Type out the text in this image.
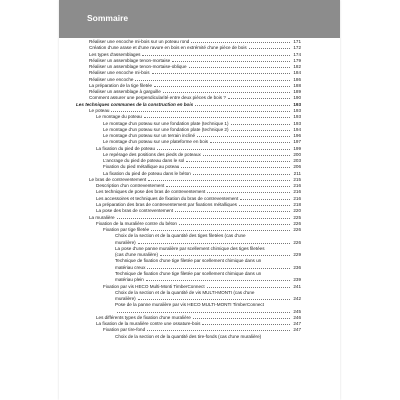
Sommaire
Réaliser une encoche mi-bois sur un poteau rond	171
Création d'une arase et d'une ravure en bois en extrémité d'une pièce de bois	172
Les types d'assemblages	174
Réaliser un assemblage tenon-mortaise	179
Réaliser un assemblage tenon-mortaise-oblique	182
Réaliser une encoche mi-bois	184
Réaliser une encoche	186
La préparation de la tige filetée	188
Réaliser un assemblage à garguille	189
Comment assurer une perpendicularité entre deux pièces de bois ?	190
Les techniques communes de la construction en bois	193
Le poteau	193
Le montage du poteau	193
Le montage d'un poteau sur une fondation plate (technique 1)	193
Le montage d'un poteau sur une fondation plate (technique 2)	194
Le montage d'un poteau sur un terrain incliné	196
Le montage d'un poteau sur une plateforme en bois	197
La fixation du pied de poteau	199
Le repérage des positions des pieds de poteaux	200
L'ancrage du pied de poteau dans le sol	203
Fixation du pied métallique au poteau	206
La fixation du pied de poteau dans le béton	211
Le bras de contreventement	215
Description d'un contreventement	216
Les techniques de pose des bras de contreventement	216
Les accessoires et techniques de fixation du bras de contreventement	216
La préparation des bras de contreventement par fixations métalliques	218
La pose des bras de contreventement	220
La muralière	225
Fixation de la muralière contre du béton	226
Fixation par tige filetée	226
Choix de la section et de la quantité des tiges filetées (cas d'une
muralière)	226
La pose d'une panne muralière par scellement chimique des tiges filetées
(cas d'une muralière)	229
Technique de fixation d'une tige filetée par scellement chimique dans un
matériau creux	236
Technique de fixation d'une tige filetée par scellement chimique dans un
matériau plein	239
Fixation par vis HECO Multi-Monti TimberConnect	241
Choix de la section et de la quantité de vis MULTI-MONTI (cas d'une
muralière)	242
Pose de la panne muralière par vis HECO MULTI-MONTI TimberConnect
245
Les différents types de fixation d'une muralière	246
La fixation de la muralière contre une ossature-bois	247
Fixation par tire-fond	247
Choix de la section et de la quantité des tire-fonds (cas d'une muralière)
